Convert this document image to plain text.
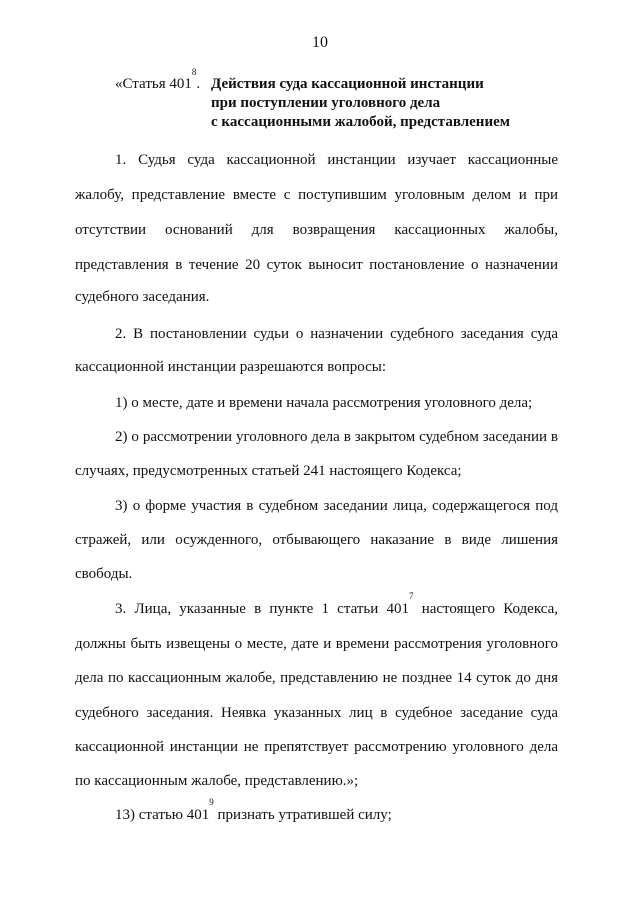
10
«Статья $401^8$. Действия суда кассационной инстанции
при поступлении уголовного дела
с кассационными жалобой, представлением
1. Судья суда кассационной инстанции изучает кассационные
жалобу, представление вместе с поступившим уголовным делом и при
отсутствии оснований для возвращения кассационных жалобы,
представления в течение 20 суток выносит постановление о назначении
судебного заседания.
2. В постановлении судьи о назначении судебного заседания суда
кассационной инстанции разрешаются вопросы:
1) о месте, дате и времени начала рассмотрения уголовного дела;
2) о рассмотрении уголовного дела в закрытом судебном заседании в
случаях, предусмотренных статьей 241 настоящего Кодекса;
3) о форме участия в судебном заседании лица, содержащегося под
стражей, или осужденного, отбывающего наказание в виде лишения
свободы.
3. Лица, указанные в пункте 1 статьи $401^7$ настоящего Кодекса,
должны быть извещены о месте, дате и времени рассмотрения уголовного
дела по кассационным жалобе, представлению не позднее 14 суток до дня
судебного заседания. Неявка указанных лиц в судебное заседание суда
кассационной инстанции не препятствует рассмотрению уголовного дела
по кассационным жалобе, представлению.»;
13) статью $401^9$ признать утратившей силу;
